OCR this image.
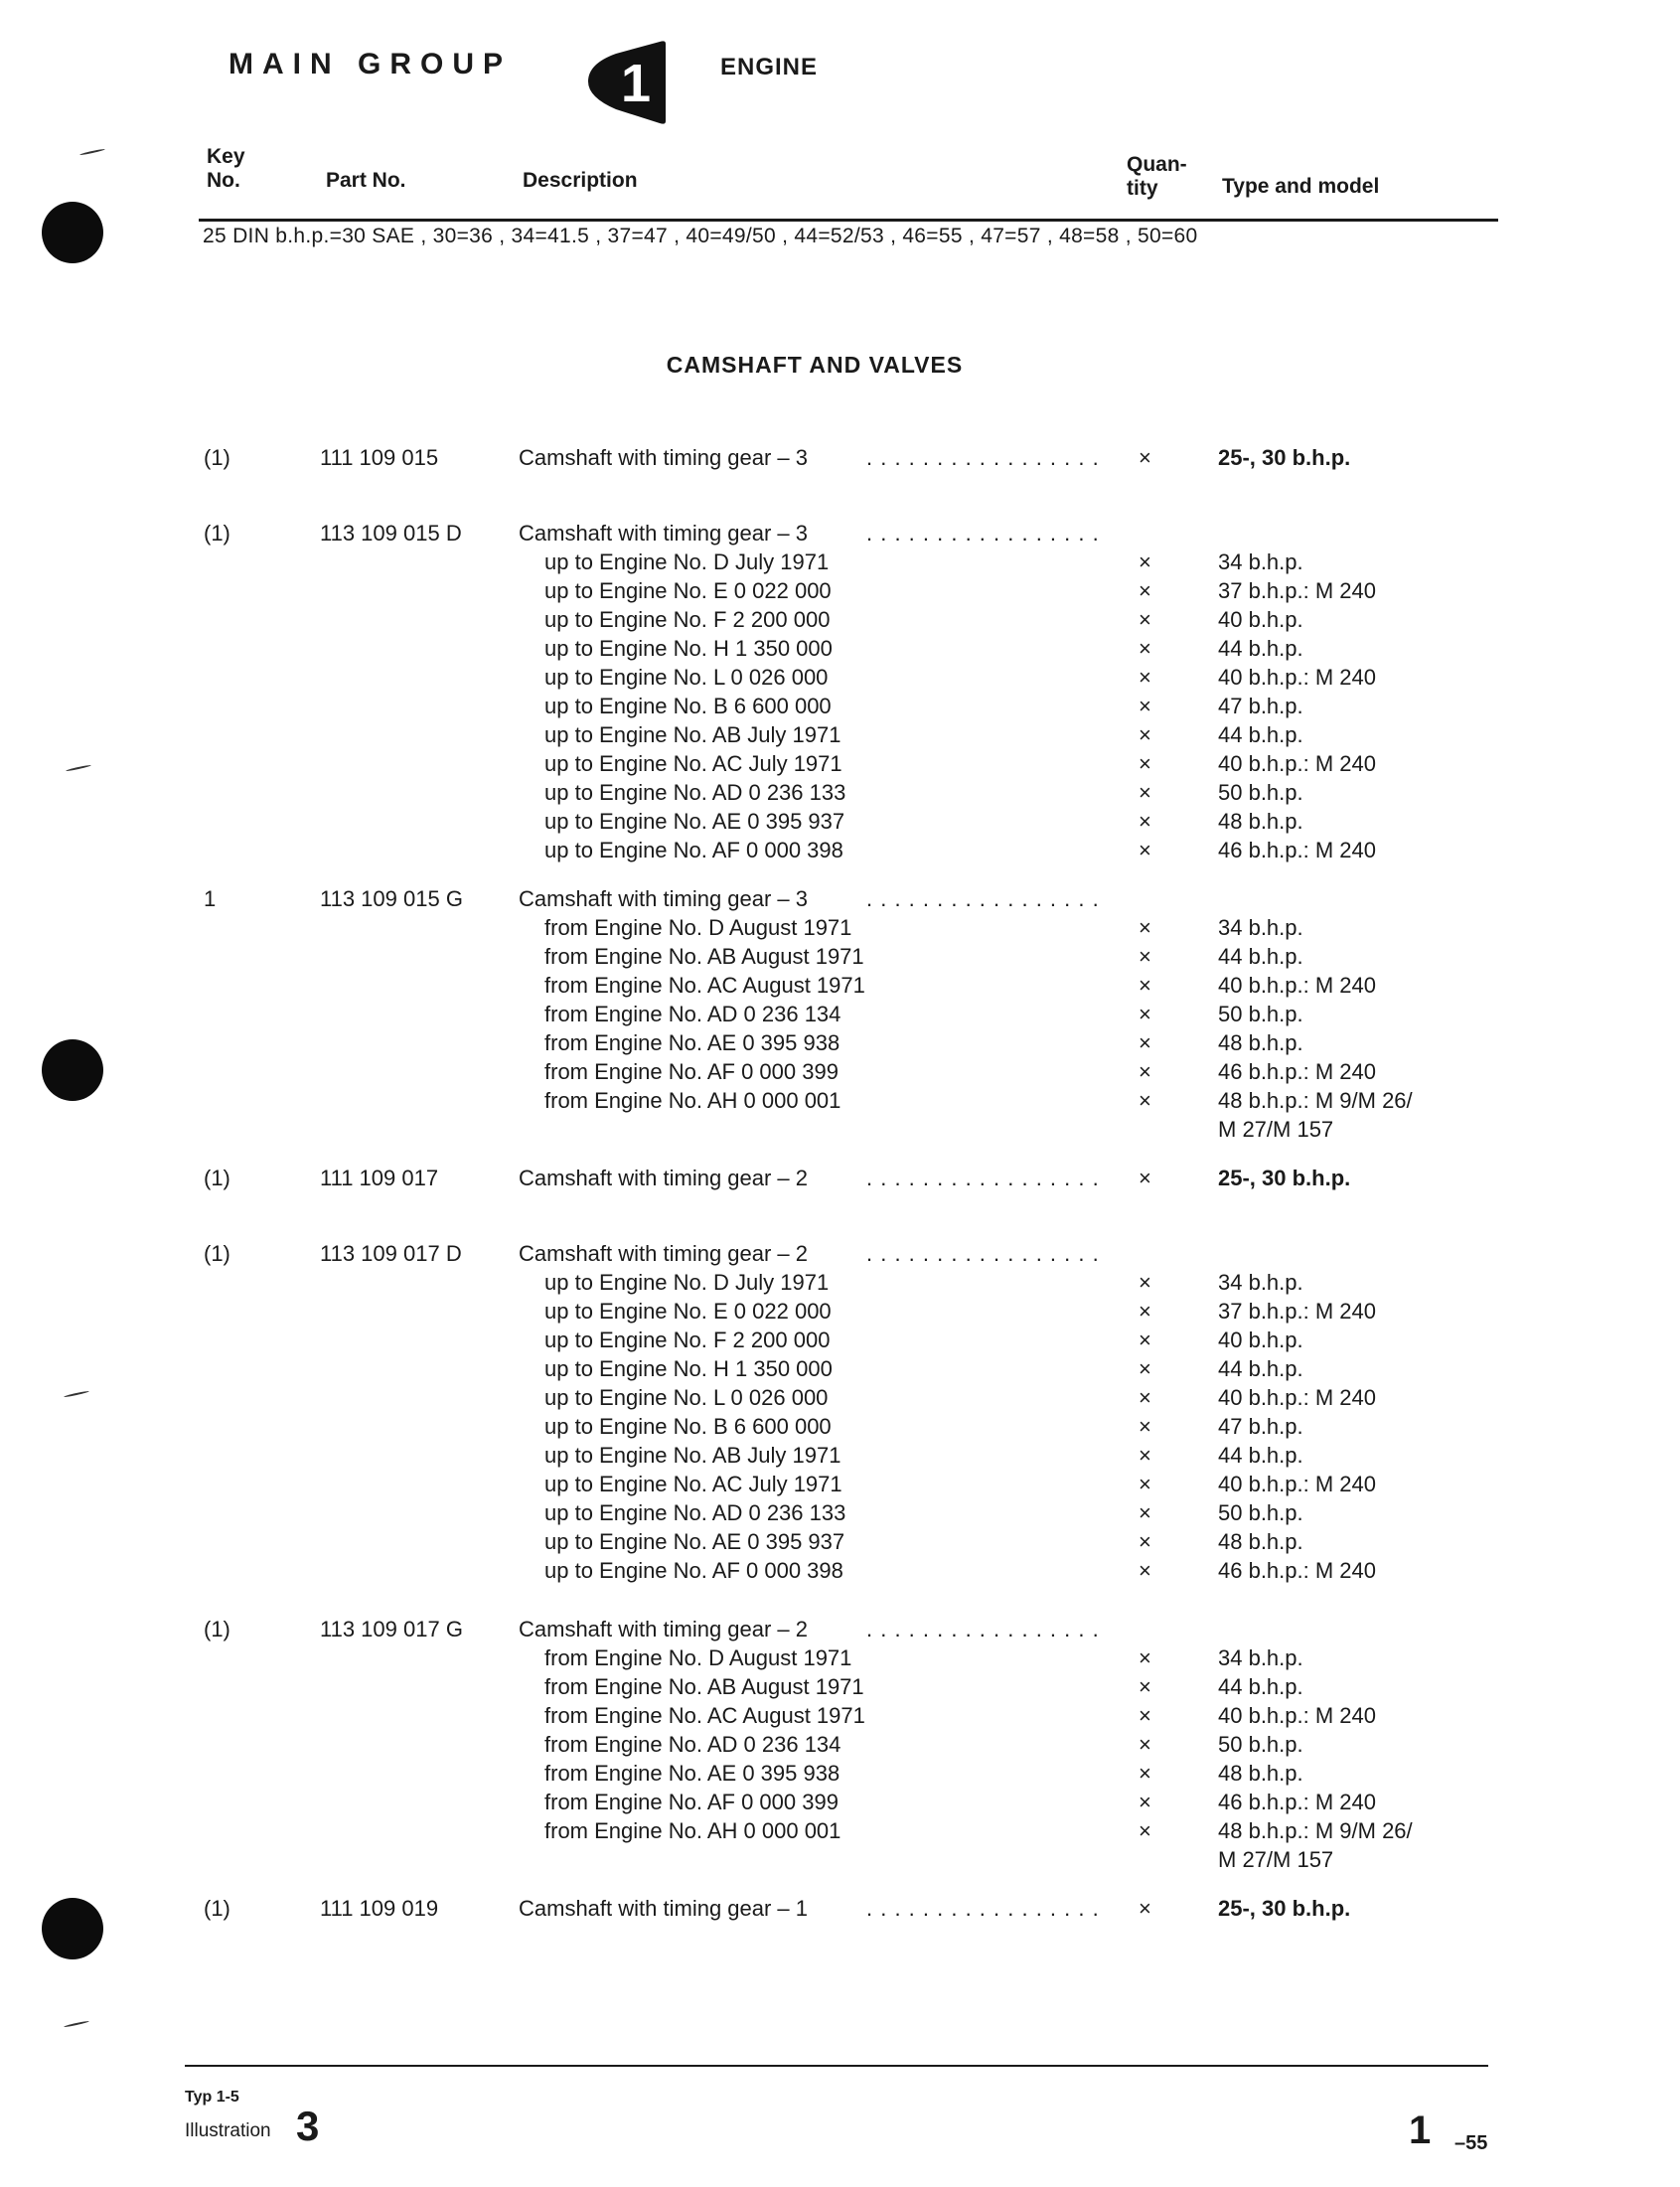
MAIN GROUP 1	ENGINE
Key
No.	Part No.	Description
Quan-
tity	Type and model
25 DIN b.h.p.=30 SAE , 30=36 , 34=41.5 , 37=47 , 40=49/50 , 44=52/53 , 46=55 , 47=57 , 48=58 , 50=60
CAMSHAFT AND VALVES
(1)	111 109 015	Camshaft with timing gear – 3	×	25-, 30 b.h.p.
. . . . . . . . . . . . . . . . .
(1)	113 109 015 D	Camshaft with timing gear – 3	. . . . . . . . . . . . . . . . .
up to Engine No. D July 1971	×	34 b.h.p.
up to Engine No. E 0 022 000	×	37 b.h.p.: M 240
up to Engine No. F 2 200 000	×	40 b.h.p.
up to Engine No. H 1 350 000	×	44 b.h.p.
up to Engine No. L 0 026 000	×	40 b.h.p.: M 240
up to Engine No. B 6 600 000	×	47 b.h.p.
up to Engine No. AB July 1971	×	44 b.h.p.
up to Engine No. AC July 1971	×	40 b.h.p.: M 240
up to Engine No. AD 0 236 133	×	50 b.h.p.
up to Engine No. AE 0 395 937	×	48 b.h.p.
up to Engine No. AF 0 000 398	×	46 b.h.p.: M 240
1	113 109 015 G	Camshaft with timing gear – 3	. . . . . . . . . . . . . . . . .
from Engine No. D August 1971	×	34 b.h.p.
from Engine No. AB August 1971	×	44 b.h.p.
from Engine No. AC August 1971	×	40 b.h.p.: M 240
from Engine No. AD 0 236 134	×	50 b.h.p.
from Engine No. AE 0 395 938	×	48 b.h.p.
from Engine No. AF 0 000 399	×	46 b.h.p.: M 240
from Engine No. AH 0 000 001	×	48 b.h.p.: M 9/M 26/
M 27/M 157
(1)	111 109 017	Camshaft with timing gear – 2	×	25-, 30 b.h.p.
. . . . . . . . . . . . . . . . .
(1)	113 109 017 D	Camshaft with timing gear – 2	. . . . . . . . . . . . . . . . .
up to Engine No. D July 1971	×	34 b.h.p.
up to Engine No. E 0 022 000	×	37 b.h.p.: M 240
up to Engine No. F 2 200 000	×	40 b.h.p.
up to Engine No. H 1 350 000	×	44 b.h.p.
up to Engine No. L 0 026 000	×	40 b.h.p.: M 240
up to Engine No. B 6 600 000	×	47 b.h.p.
up to Engine No. AB July 1971	×	44 b.h.p.
up to Engine No. AC July 1971	×	40 b.h.p.: M 240
up to Engine No. AD 0 236 133	×	50 b.h.p.
up to Engine No. AE 0 395 937	×	48 b.h.p.
up to Engine No. AF 0 000 398	×	46 b.h.p.: M 240
(1)	113 109 017 G	Camshaft with timing gear – 2	. . . . . . . . . . . . . . . . .
from Engine No. D August 1971	×	34 b.h.p.
from Engine No. AB August 1971	×	44 b.h.p.
from Engine No. AC August 1971	×	40 b.h.p.: M 240
from Engine No. AD 0 236 134	×	50 b.h.p.
from Engine No. AE 0 395 938	×	48 b.h.p.
from Engine No. AF 0 000 399	×	46 b.h.p.: M 240
from Engine No. AH 0 000 001	×	48 b.h.p.: M 9/M 26/
M 27/M 157
(1)	111 109 019	Camshaft with timing gear – 1	×	25-, 30 b.h.p.
. . . . . . . . . . . . . . . . .
Typ 1-5
Illustration 3	1 –55
